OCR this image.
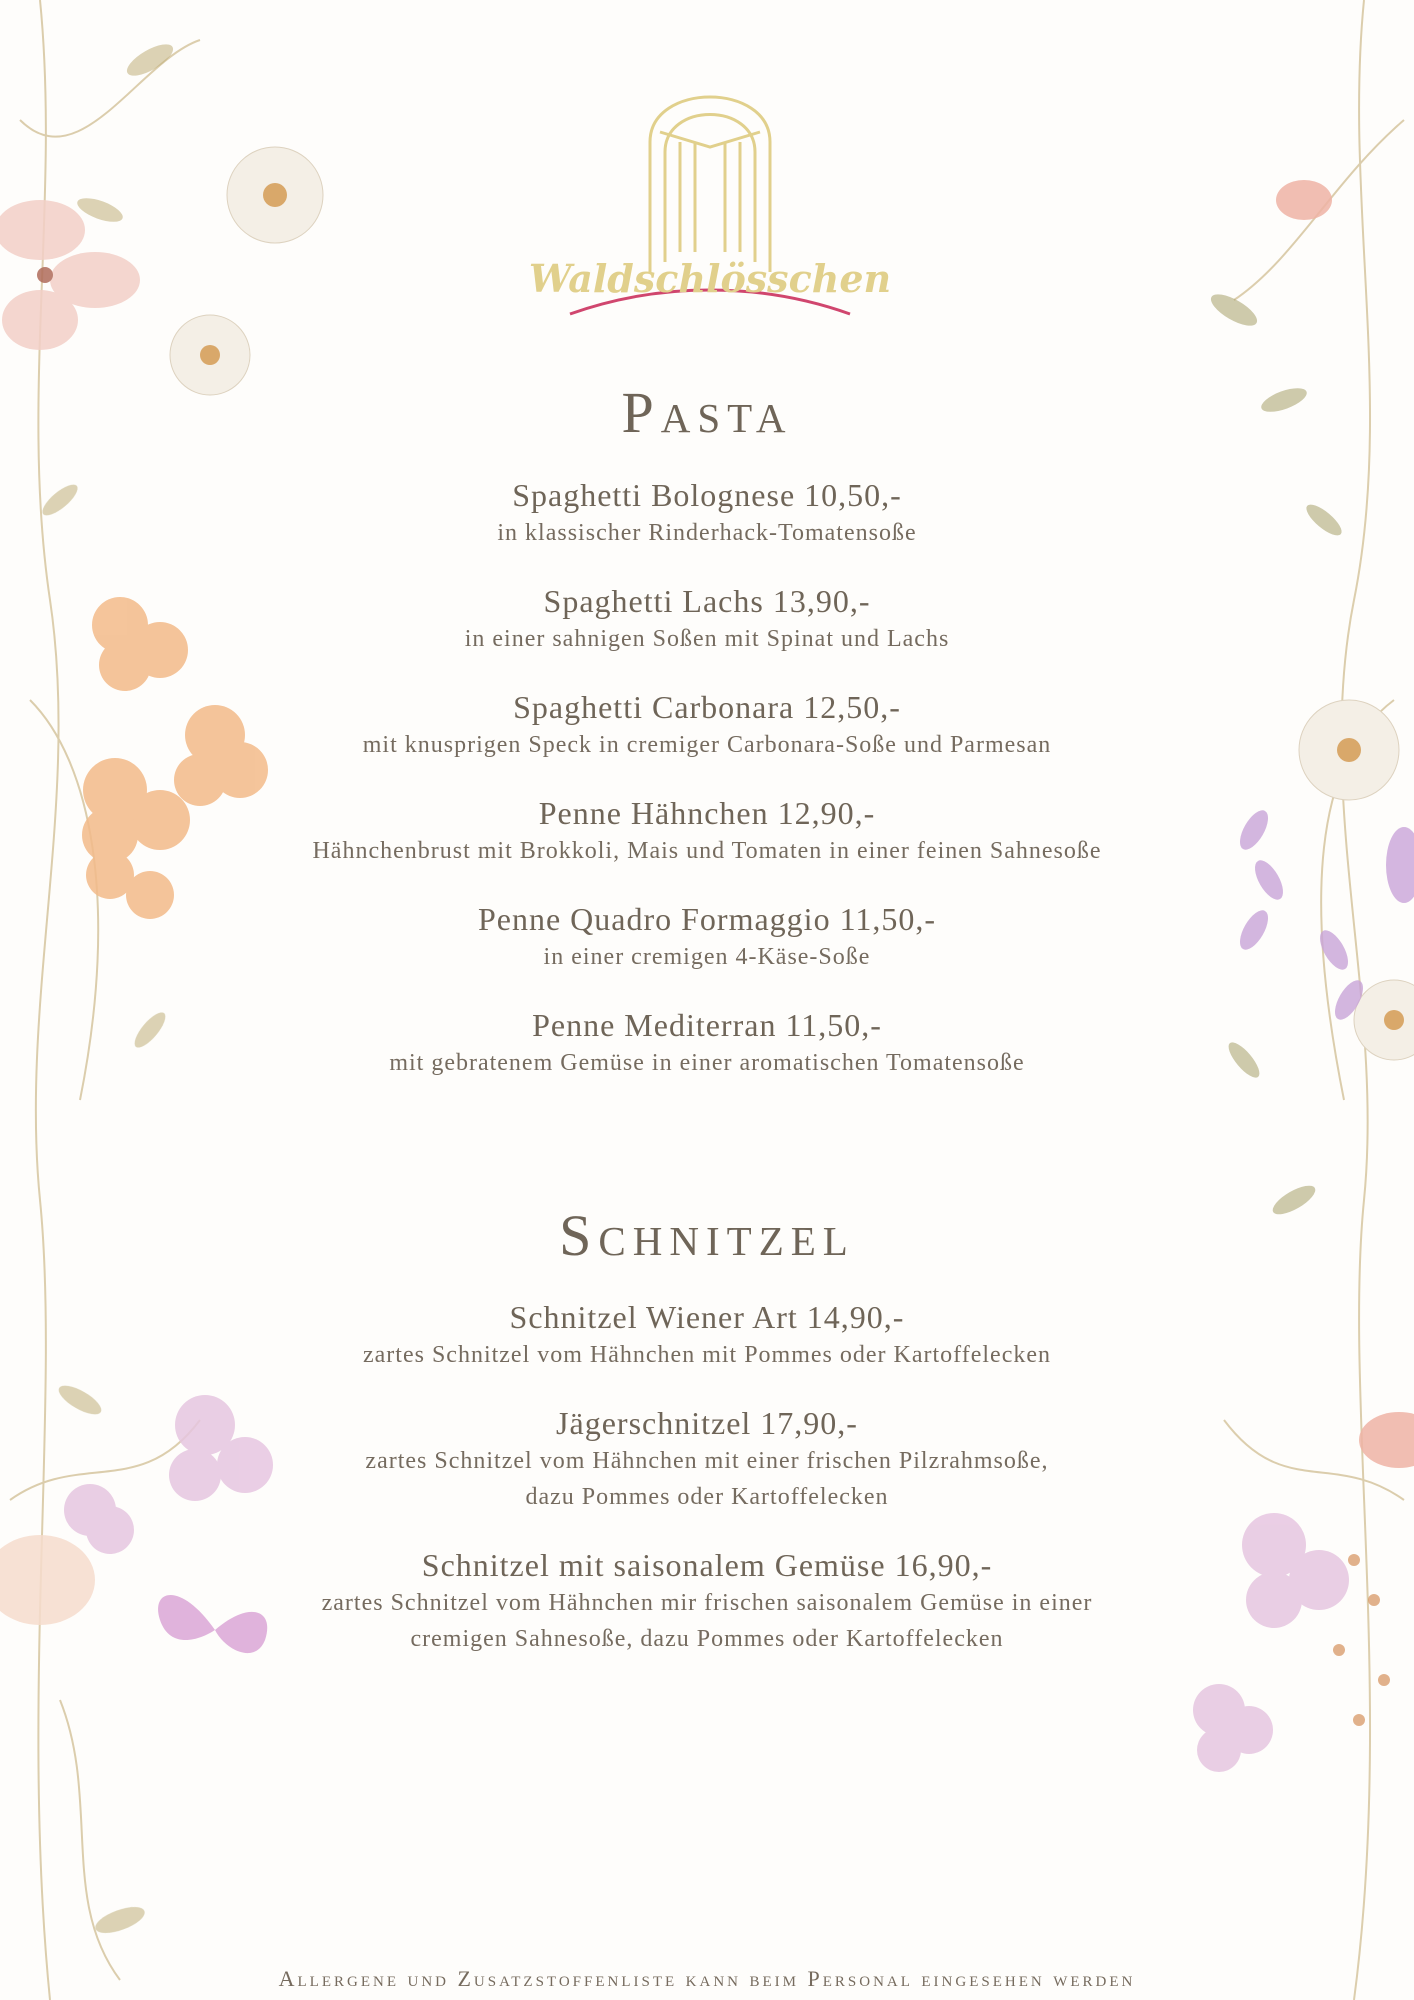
Waldschlösschen
Pasta
Spaghetti Bolognese 10,50,-
in klassischer Rinderhack-Tomatensoße
Spaghetti Lachs 13,90,-
in einer sahnigen Soßen mit Spinat und Lachs
Spaghetti Carbonara 12,50,-
mit knusprigen Speck in cremiger Carbonara-Soße und Parmesan
Penne Hähnchen 12,90,-
Hähnchenbrust mit Brokkoli, Mais und Tomaten in einer feinen Sahnesoße
Penne Quadro Formaggio 11,50,-
in einer cremigen 4-Käse-Soße
Penne Mediterran 11,50,-
mit gebratenem Gemüse in einer aromatischen Tomatensoße
Schnitzel
Schnitzel Wiener Art 14,90,-
zartes Schnitzel vom Hähnchen mit Pommes oder Kartoffelecken
Jägerschnitzel 17,90,-
zartes Schnitzel vom Hähnchen mit einer frischen Pilzrahmsoße,
dazu Pommes oder Kartoffelecken
Schnitzel mit saisonalem Gemüse 16,90,-
zartes Schnitzel vom Hähnchen mir frischen saisonalem Gemüse in einer
cremigen Sahnesoße, dazu Pommes oder Kartoffelecken
Allergene und Zusatzstoffenliste kann beim Personal eingesehen werden
